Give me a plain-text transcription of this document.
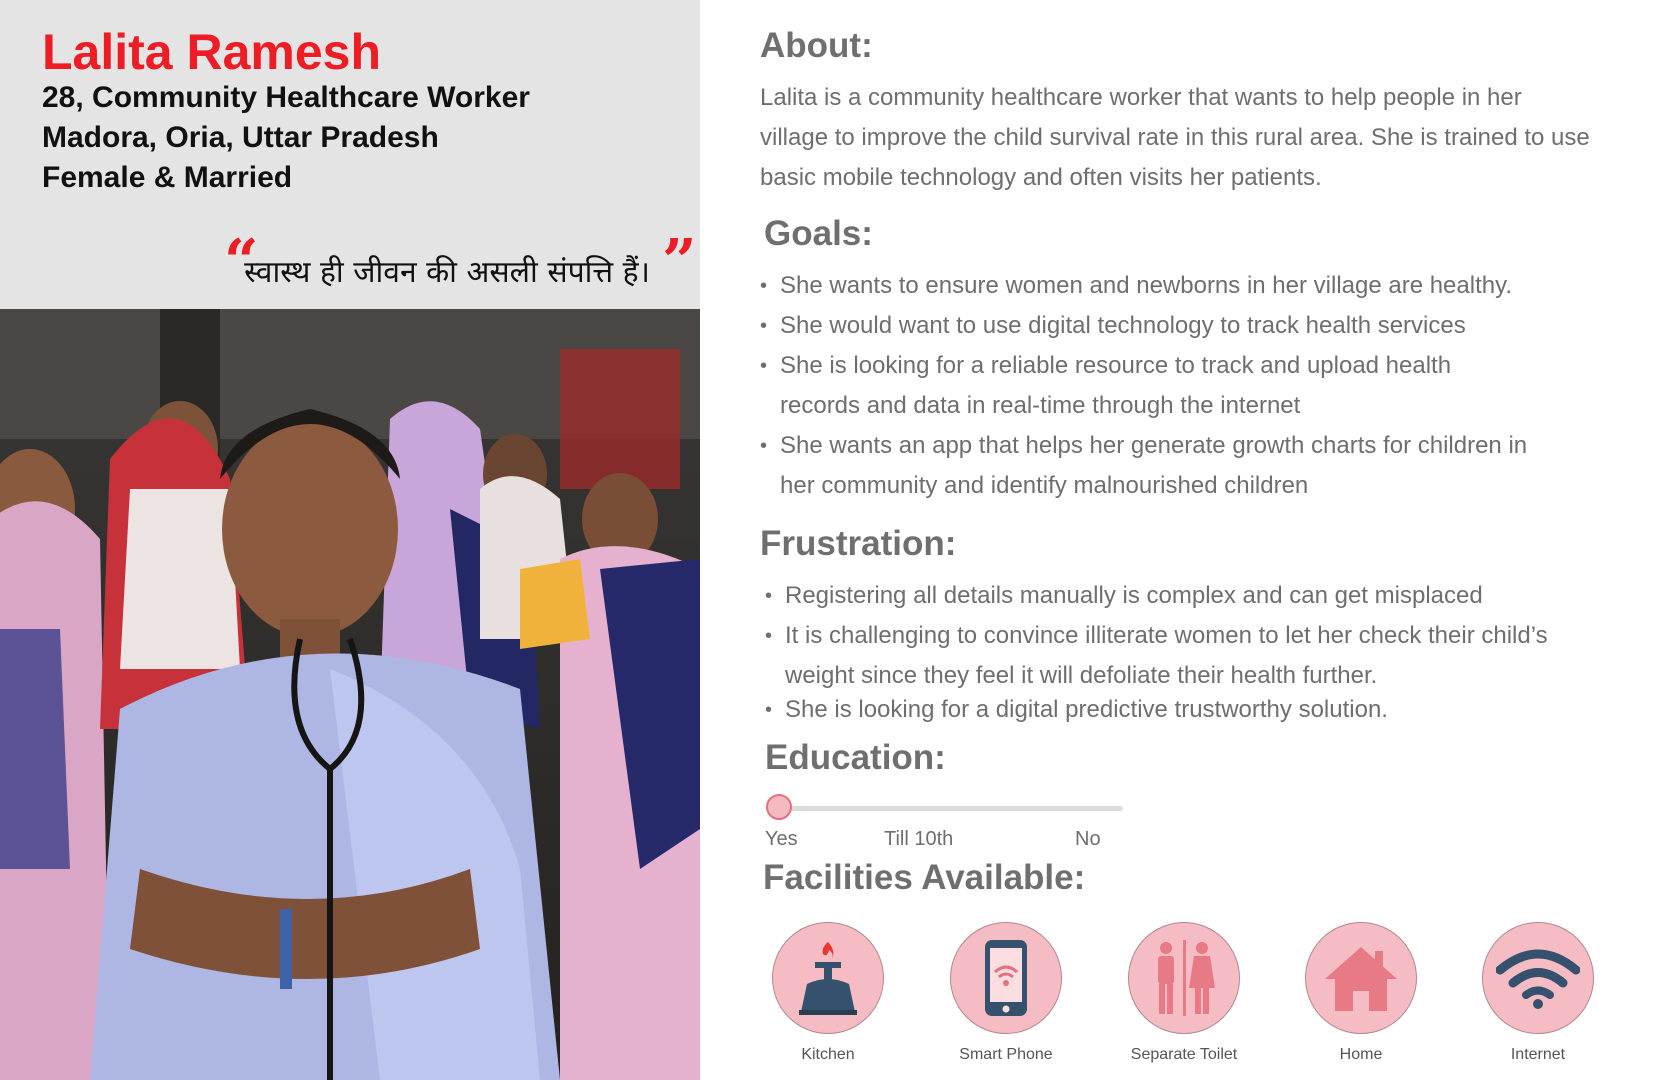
Lalita Ramesh
28, Community Healthcare Worker
Madora, Oria, Uttar Pradesh
Female & Married
“
स्वास्थ ही जीवन की असली संपत्ति हैं। ”
About:
Lalita is a community healthcare worker that wants to help people in her village to improve the child survival rate in this rural area. She is trained to use basic mobile technology and often visits her patients.
Goals:
• She wants to ensure women and newborns in her village are healthy.
• She would want to use digital technology to track health services
• She is looking for a reliable resource to track and upload health records and data in real-time through the internet
• She wants an app that helps her generate growth charts for children in her community and identify malnourished children
Frustration:
• Registering all details manually is complex and can get misplaced
• It is challenging to convince illiterate women to let her check their child’s weight since they feel it will defoliate their health further.
• She is looking for a digital predictive trustworthy solution.
Education:
Yes	Till 10th	No
Facilities Available:
Kitchen	Smart Phone	Separate Toilet	Home	Internet
